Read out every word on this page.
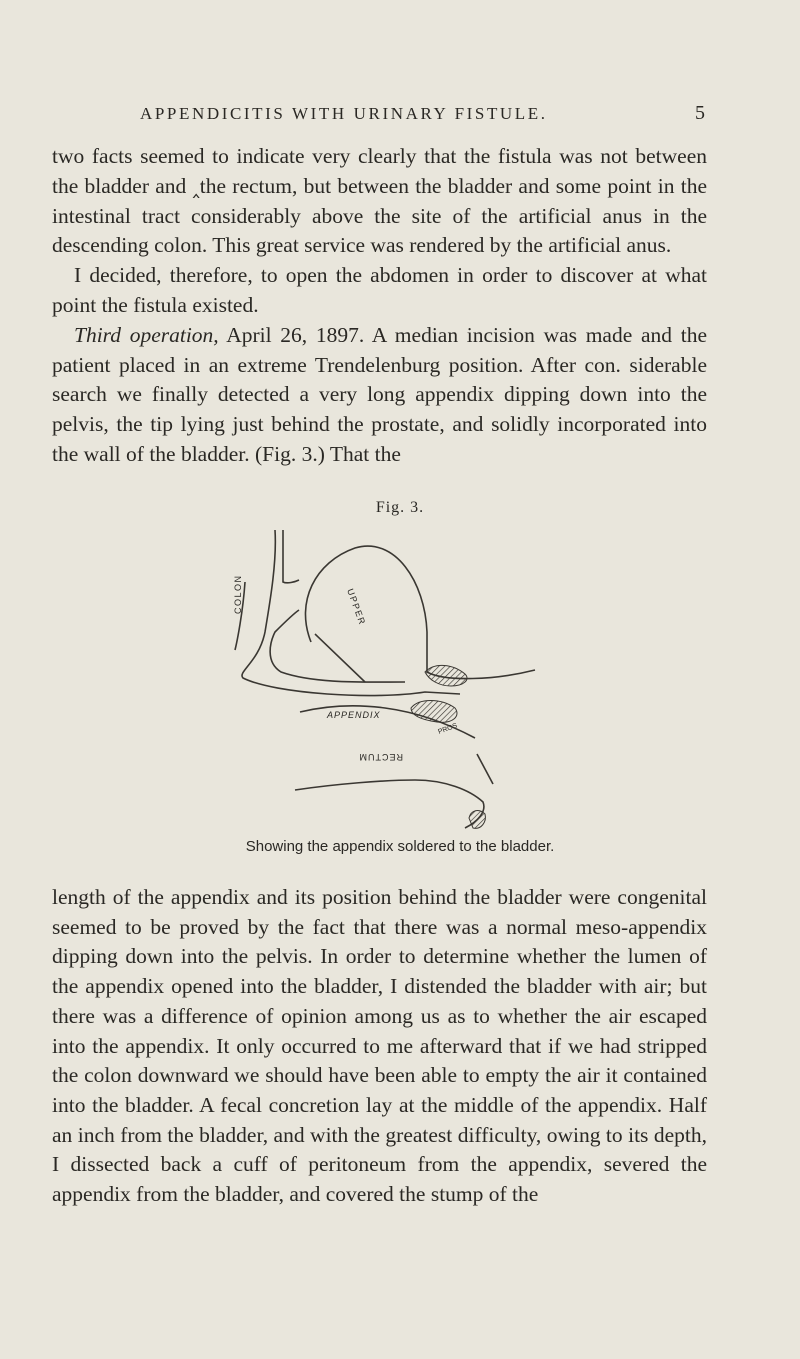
APPENDICITIS WITH URINARY FISTULE.	5

two facts seemed to indicate very clearly that the fistula was not between the bladder and ‸the rectum, but between the bladder and some point in the intestinal tract considerably above the site of the artificial anus in the descending colon. This great service was rendered by the artificial anus.

I decided, therefore, to open the abdomen in order to discover at what point the fistula existed.

Third operation, April 26, 1897. A median incision was made and the patient placed in an extreme Trendelenburg position. After con. siderable search we finally detected a very long appendix dipping down into the pelvis, the tip lying just behind the prostate, and solidly incorporated into the wall of the bladder. (Fig. 3.) That the

Fig. 3.
COLON	UPPER
APPENDIX
RECTUM
PROS
Showing the appendix soldered to the bladder.

length of the appendix and its position behind the bladder were congenital seemed to be proved by the fact that there was a normal meso-appendix dipping down into the pelvis. In order to determine whether the lumen of the appendix opened into the bladder, I distended the bladder with air; but there was a difference of opinion among us as to whether the air escaped into the appendix. It only occurred to me afterward that if we had stripped the colon downward we should have been able to empty the air it contained into the bladder. A fecal concretion lay at the middle of the appendix. Half an inch from the bladder, and with the greatest difficulty, owing to its depth, I dissected back a cuff of peritoneum from the appendix, severed the appendix from the bladder, and covered the stump of the
